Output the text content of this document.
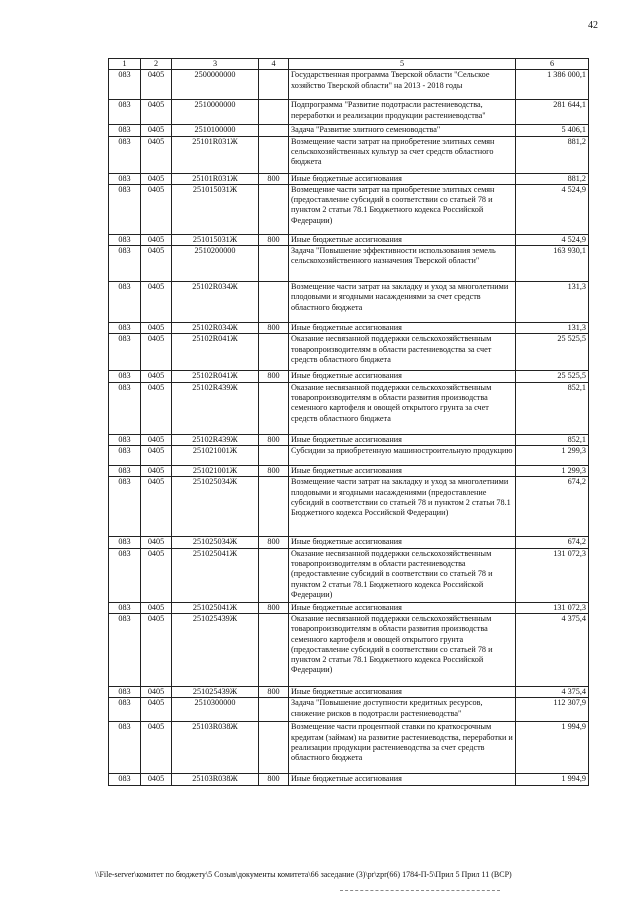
42
1	2	3	4	5	6
083	0405	2500000000		Государственная программа Тверской области "Сельское хозяйство Тверской области" на 2013 - 2018 годы	1 386 000,1
083	0405	2510000000		Подпрограмма "Развитие подотрасли растениеводства, переработки и реализации продукции растениеводства"	281 644,1
083	0405	2510100000		Задача "Развитие элитного семеноводства"	5 406,1
083	0405	25101R031Ж		Возмещение части затрат на приобретение элитных семян сельскохозяйственных культур за счет средств областного бюджета	881,2
083	0405	25101R031Ж	800	Иные бюджетные ассигнования	881,2
083	0405	251015031Ж		Возмещение части затрат на приобретение элитных семян (предоставление субсидий в соответствии со статьей 78 и пунктом 2 статьи 78.1 Бюджетного кодекса Российской Федерации)	4 524,9
083	0405	251015031Ж	800	Иные бюджетные ассигнования	4 524,9
083	0405	2510200000		Задача "Повышение эффективности использования земель сельскохозяйственного назначения Тверской области"	163 930,1
083	0405	25102R034Ж		Возмещение части затрат на закладку и уход за многолетними плодовыми и ягодными насаждениями за счет средств областного бюджета	131,3
083	0405	25102R034Ж	800	Иные бюджетные ассигнования	131,3
083	0405	25102R041Ж		Оказание несвязанной поддержки сельскохозяйственным товаропроизводителям в области растениеводства за счет средств областного бюджета	25 525,5
083	0405	25102R041Ж	800	Иные бюджетные ассигнования	25 525,5
083	0405	25102R439Ж		Оказание несвязанной поддержки сельскохозяйственным товаропроизводителям в области развития производства семенного картофеля и овощей открытого грунта за счет средств областного бюджета	852,1
083	0405	25102R439Ж	800	Иные бюджетные ассигнования	852,1
083	0405	251021001Ж		Субсидии за приобретенную машиностроительную продукцию	1 299,3
083	0405	251021001Ж	800	Иные бюджетные ассигнования	1 299,3
083	0405	251025034Ж		Возмещение части затрат на закладку и уход за многолетними плодовыми и ягодными насаждениями (предоставление субсидий в соответствии со статьей 78 и пунктом 2 статьи 78.1 Бюджетного кодекса Российской Федерации)	674,2
083	0405	251025034Ж	800	Иные бюджетные ассигнования	674,2
083	0405	251025041Ж		Оказание несвязанной поддержки сельскохозяйственным товаропроизводителям в области растениеводства (предоставление субсидий в соответствии со статьей 78 и пунктом 2 статьи 78.1 Бюджетного кодекса Российской Федерации)	131 072,3
083	0405	251025041Ж	800	Иные бюджетные ассигнования	131 072,3
083	0405	251025439Ж		Оказание несвязанной поддержки сельскохозяйственным товаропроизводителям в области развития производства семенного картофеля и овощей открытого грунта (предоставление субсидий в соответствии со статьей 78 и пунктом 2 статьи 78.1 Бюджетного кодекса Российской Федерации)	4 375,4
083	0405	251025439Ж	800	Иные бюджетные ассигнования	4 375,4
083	0405	2510300000		Задача "Повышение доступности кредитных ресурсов, снижение рисков в подотрасли растениеводства"	112 307,9
083	0405	25103R038Ж		Возмещение части процентной ставки по краткосрочным кредитам (займам) на развитие растениеводства, переработки и реализации продукции растениеводства за счет средств областного бюджета	1 994,9
083	0405	25103R038Ж	800	Иные бюджетные ассигнования	1 994,9
\\File-server\комитет по бюджету\5 Созыв\документы комитета\66 заседание (3)\pr\zpr(66) 1784-П-5\Прил 5 Прил 11 (ВСР)
